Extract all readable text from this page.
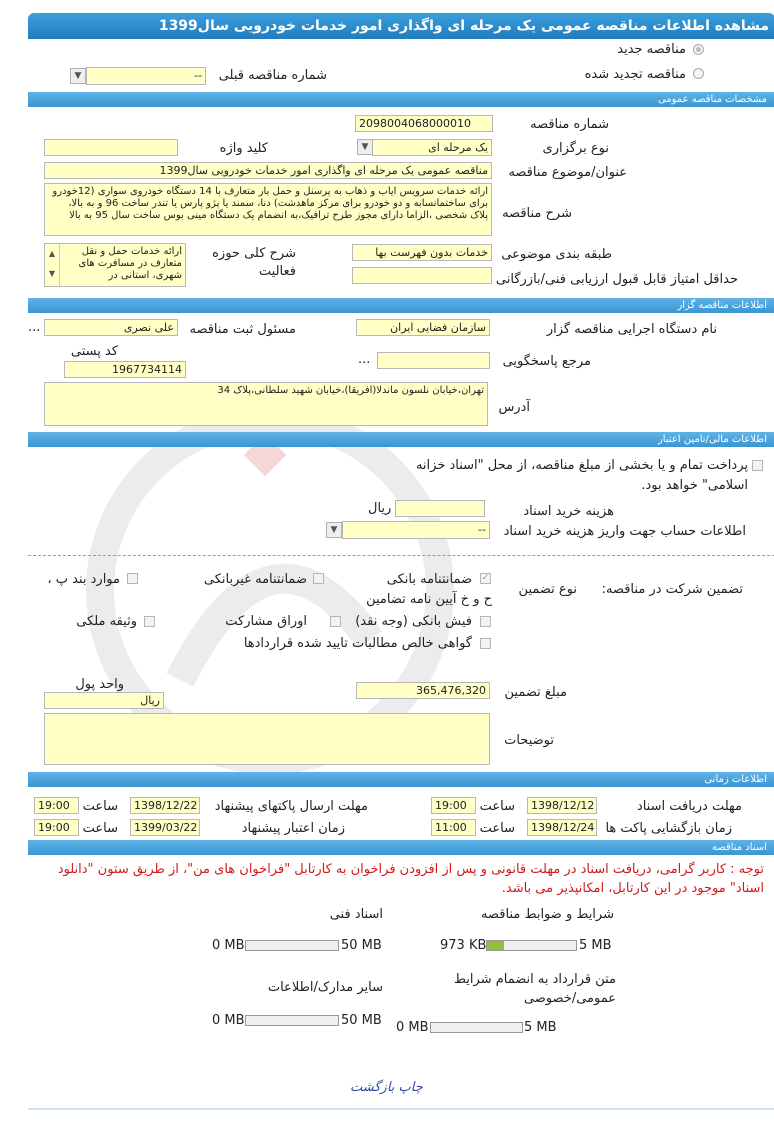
مشاهده اطلاعات مناقصه عمومی یک مرحله ای واگذاری امور خدمات خودرویی سال1399
مناقصه جدید
مناقصه تجدید شده
شماره مناقصه قبلی
--
▼
مشخصات مناقصه عمومی
شماره مناقصه
2098004068000010
نوع برگزاری
یک مرحله ای
▼
کلید واژه
عنوان/موضوع مناقصه
مناقصه عمومی یک مرحله ای واگذاری امور خدمات خودرویی سال1399
شرح مناقصه
ارائه خدمات سرویس ایاب و ذهاب به پرسنل و حمل بار متعارف با 14 دستگاه خودروی سواری (12خودرو برای ساختمانسابه و دو خودرو برای مرکز ماهدشت) دنا، سمند یا پژو پارس یا تندر ساخت 96 و به بالا، پلاک شخصی ،الزاما دارای مجوز طرح ترافیک،به انضمام یک دستگاه مینی بوس ساخت سال 95 به بالا
طبقه بندی موضوعی
خدمات بدون فهرست بها
شرح کلی حوزه فعالیت
ارائه خدمات حمل و نقل متعارف در مسافرت های شهری، استانی در
▲
▼	حداقل امتیاز قابل قبول ارزیابی فنی/بازرگانی
اطلاعات مناقصه گزار
نام دستگاه اجرایی مناقصه گزار
سازمان فضایی ایران
مسئول ثبت مناقصه
علی نصری
...
مرجع پاسخگویی
...
کد پستی
1967734114
تهران،خیابان نلسون ماندلا(افریقا)،خیابان شهید سلطانی،پلاک 34
آدرس
اطلاعات مالی/تامین اعتبار
پرداخت تمام و یا بخشی از مبلغ مناقصه، از محل "اسناد خزانه اسلامی" خواهد بود.
هزینه خرید اسناد
ریال
اطلاعات حساب جهت واریز هزینه خرید اسناد
--
▼
تضمین شرکت در مناقصه:
نوع تضمین
✓
ضمانتنامه بانکی
ضمانتنامه غیربانکی
موارد بند پ ،
ح و خ آیین نامه تضامین
فیش بانکی (وجه نقد)
اوراق مشارکت
وثیقه ملکی
گواهی خالص مطالبات تایید شده قراردادها
مبلغ تضمین
365,476,320
واحد پول
ریال
توضیحات
اطلاعات زمانی
مهلت دریافت اسناد
1398/12/12
ساعت
19:00
مهلت ارسال پاکتهای پیشنهاد
1398/12/22
ساعت
19:00
زمان بازگشایی پاکت ها
1398/12/24
ساعت
11:00
زمان اعتبار پیشنهاد
1399/03/22
ساعت
19:00
اسناد مناقصه
توجه : کاربر گرامی، دریافت اسناد در مهلت قانونی و پس از افزودن فراخوان به کارتابل "فراخوان های من"، از طریق ستون "دانلود اسناد" موجود در این کارتابل، امکانپذیر می باشد.
شرایط و ضوابط مناقصه
973 KB	5 MB
اسناد فنی
0 MB	50 MB
متن قرارداد به انضمام شرایط عمومی/خصوصی
0 MB	5 MB
سایر مدارک/اطلاعات
0 MB	50 MB
چاپ بازگشت
